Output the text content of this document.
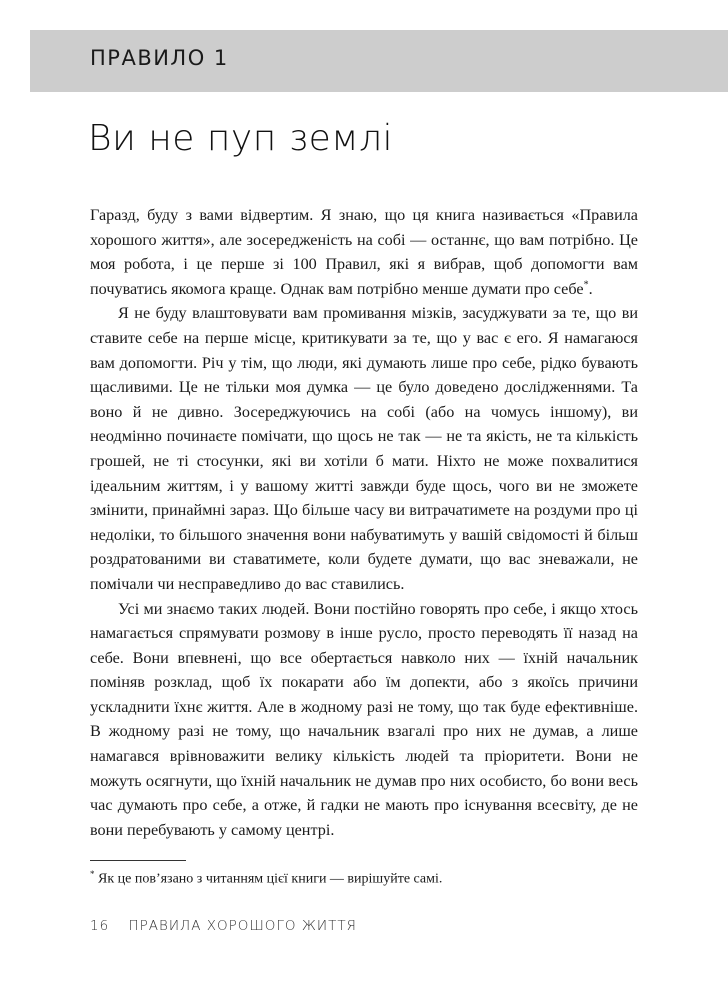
ПРАВИЛО 1
Ви не пуп землі

Гаразд, буду з вами відвертим. Я знаю, що ця книга називається «Правила хорошого життя», але зосередженість на собі — останнє, що вам потрібно. Це моя робота, і це перше зі 100 Правил, які я вибрав, щоб допомогти вам почуватись якомога краще. Однак вам потрібно менше думати про себе*.

Я не буду влаштовувати вам промивання мізків, засуджувати за те, що ви ставите себе на перше місце, критикувати за те, що у вас є его. Я намагаюся вам допомогти. Річ у тім, що люди, які думають лише про себе, рідко бувають щасливими. Це не тільки моя думка — це було доведено дослідженнями. Та воно й не дивно. Зосереджуючись на собі (або на чомусь іншому), ви неодмінно починаєте помічати, що щось не так — не та якість, не та кількість грошей, не ті стосунки, які ви хотіли б мати. Ніхто не може похвалитися ідеальним життям, і у вашому житті завжди буде щось, чого ви не зможете змінити, принаймні зараз. Що більше часу ви витрачатимете на роздуми про ці недоліки, то більшого значення вони набуватимуть у вашій свідомості й більш роздратованими ви ставатимете, коли будете думати, що вас зневажали, не помічали чи несправедливо до вас ставились.

Усі ми знаємо таких людей. Вони постійно говорять про себе, і якщо хтось намагається спрямувати розмову в інше русло, просто переводять її назад на себе. Вони впевнені, що все обертається навколо них — їхній начальник поміняв розклад, щоб їх покарати або їм допекти, або з якоїсь причини ускладнити їхнє життя. Але в жодному разі не тому, що так буде ефективніше. В жодному разі не тому, що начальник взагалі про них не думав, а лише намагався врівноважити велику кількість людей та пріоритети. Вони не можуть осягнути, що їхній начальник не думав про них особисто, бо вони весь час думають про себе, а отже, й гадки не мають про існування всесвіту, де не вони перебувають у самому центрі.

* Як це пов’язано з читанням цієї книги — вирішуйте самі.
16 ПРАВИЛА ХОРОШОГО ЖИТТЯ
